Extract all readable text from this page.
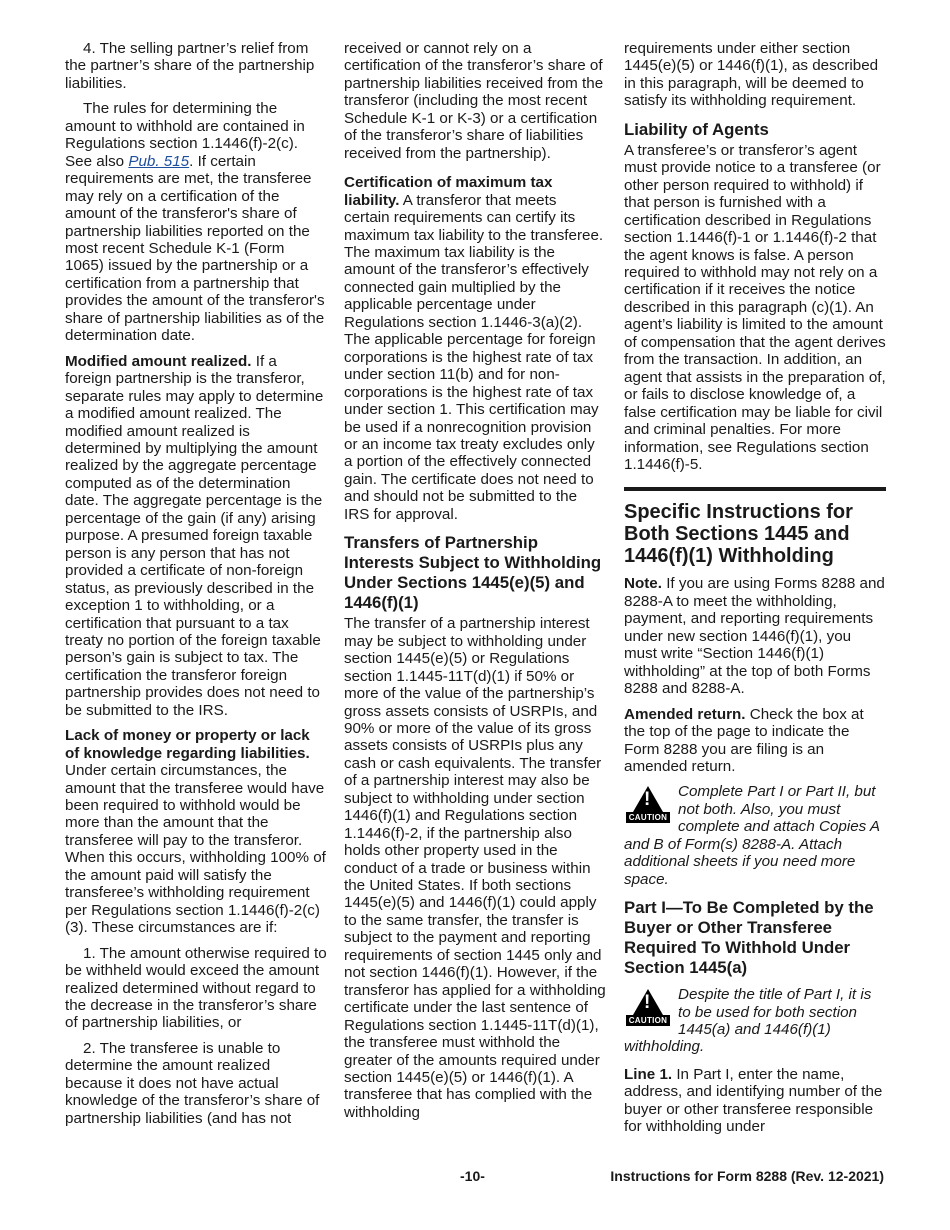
4. The selling partner’s relief from the partner’s share of the partnership liabilities.

The rules for determining the amount to withhold are contained in Regulations section 1.1446(f)-2(c). See also Pub. 515. If certain requirements are met, the transferee may rely on a certification of the amount of the transferor's share of partnership liabilities reported on the most recent Schedule K-1 (Form 1065) issued by the partnership or a certification from a partnership that provides the amount of the transferor's share of partnership liabilities as of the determination date.

Modified amount realized. If a foreign partnership is the transferor, separate rules may apply to determine a modified amount realized. The modified amount realized is determined by multiplying the amount realized by the aggregate percentage computed as of the determination date. The aggregate percentage is the percentage of the gain (if any) arising purpose. A presumed foreign taxable person is any person that has not provided a certificate of non-foreign status, as previously described in the exception 1 to withholding, or a certification that pursuant to a tax treaty no portion of the foreign taxable person’s gain is subject to tax. The certification the transferor foreign partnership provides does not need to be submitted to the IRS.

Lack of money or property or lack of knowledge regarding liabilities. Under certain circumstances, the amount that the transferee would have been required to withhold would be more than the amount that the transferee will pay to the transferor. When this occurs, withholding 100% of the amount paid will satisfy the transferee’s withholding requirement per Regulations section 1.1446(f)-2(c)(3). These circumstances are if:

1. The amount otherwise required to be withheld would exceed the amount realized determined without regard to the decrease in the transferor’s share of partnership liabilities, or

2. The transferee is unable to determine the amount realized because it does not have actual knowledge of the transferor’s share of partnership liabilities (and has not

received or cannot rely on a certification of the transferor’s share of partnership liabilities received from the transferor (including the most recent Schedule K-1 or K-3) or a certification of the transferor’s share of liabilities received from the partnership).

Certification of maximum tax liability. A transferor that meets certain requirements can certify its maximum tax liability to the transferee. The maximum tax liability is the amount of the transferor’s effectively connected gain multiplied by the applicable percentage under Regulations section 1.1446-3(a)(2). The applicable percentage for foreign corporations is the highest rate of tax under section 11(b) and for non-corporations is the highest rate of tax under section 1. This certification may be used if a nonrecognition provision or an income tax treaty excludes only a portion of the effectively connected gain. The certificate does not need to and should not be submitted to the IRS for approval.

Transfers of Partnership Interests Subject to Withholding Under Sections 1445(e)(5) and 1446(f)(1)

The transfer of a partnership interest may be subject to withholding under section 1445(e)(5) or Regulations section 1.1445-11T(d)(1) if 50% or more of the value of the partnership’s gross assets consists of USRPIs, and 90% or more of the value of its gross assets consists of USRPIs plus any cash or cash equivalents. The transfer of a partnership interest may also be subject to withholding under section 1446(f)(1) and Regulations section 1.1446(f)-2, if the partnership also holds other property used in the conduct of a trade or business within the United States. If both sections 1445(e)(5) and 1446(f)(1) could apply to the same transfer, the transfer is subject to the payment and reporting requirements of section 1445 only and not section 1446(f)(1). However, if the transferor has applied for a withholding certificate under the last sentence of Regulations section 1.1445-11T(d)(1), the transferee must withhold the greater of the amounts required under section 1445(e)(5) or 1446(f)(1). A transferee that has complied with the withholding

requirements under either section 1445(e)(5) or 1446(f)(1), as described in this paragraph, will be deemed to satisfy its withholding requirement.

Liability of Agents

A transferee’s or transferor’s agent must provide notice to a transferee (or other person required to withhold) if that person is furnished with a certification described in Regulations section 1.1446(f)-1 or 1.1446(f)-2 that the agent knows is false. A person required to withhold may not rely on a certification if it receives the notice described in this paragraph (c)(1). An agent’s liability is limited to the amount of compensation that the agent derives from the transaction. In addition, an agent that assists in the preparation of, or fails to disclose knowledge of, a false certification may be liable for civil and criminal penalties. For more information, see Regulations section 1.1446(f)-5.

Specific Instructions for Both Sections 1445 and 1446(f)(1) Withholding

Note. If you are using Forms 8288 and 8288-A to meet the withholding, payment, and reporting requirements under new section 1446(f)(1), you must write “Section 1446(f)(1) withholding” at the top of both Forms 8288 and 8288-A.

Amended return. Check the box at the top of the page to indicate the Form 8288 you are filing is an amended return.

!
CAUTION
Complete Part I or Part II, but not both. Also, you must complete and attach Copies A and B of Form(s) 8288-A. Attach additional sheets if you need more space.
Part I—To Be Completed by the Buyer or Other Transferee Required To Withhold Under Section 1445(a)
!
CAUTION
Despite the title of Part I, it is to be used for both section 1445(a) and 1446(f)(1) withholding.

Line 1. In Part I, enter the name, address, and identifying number of the buyer or other transferee responsible for withholding under

-10-	Instructions for Form 8288 (Rev. 12-2021)
